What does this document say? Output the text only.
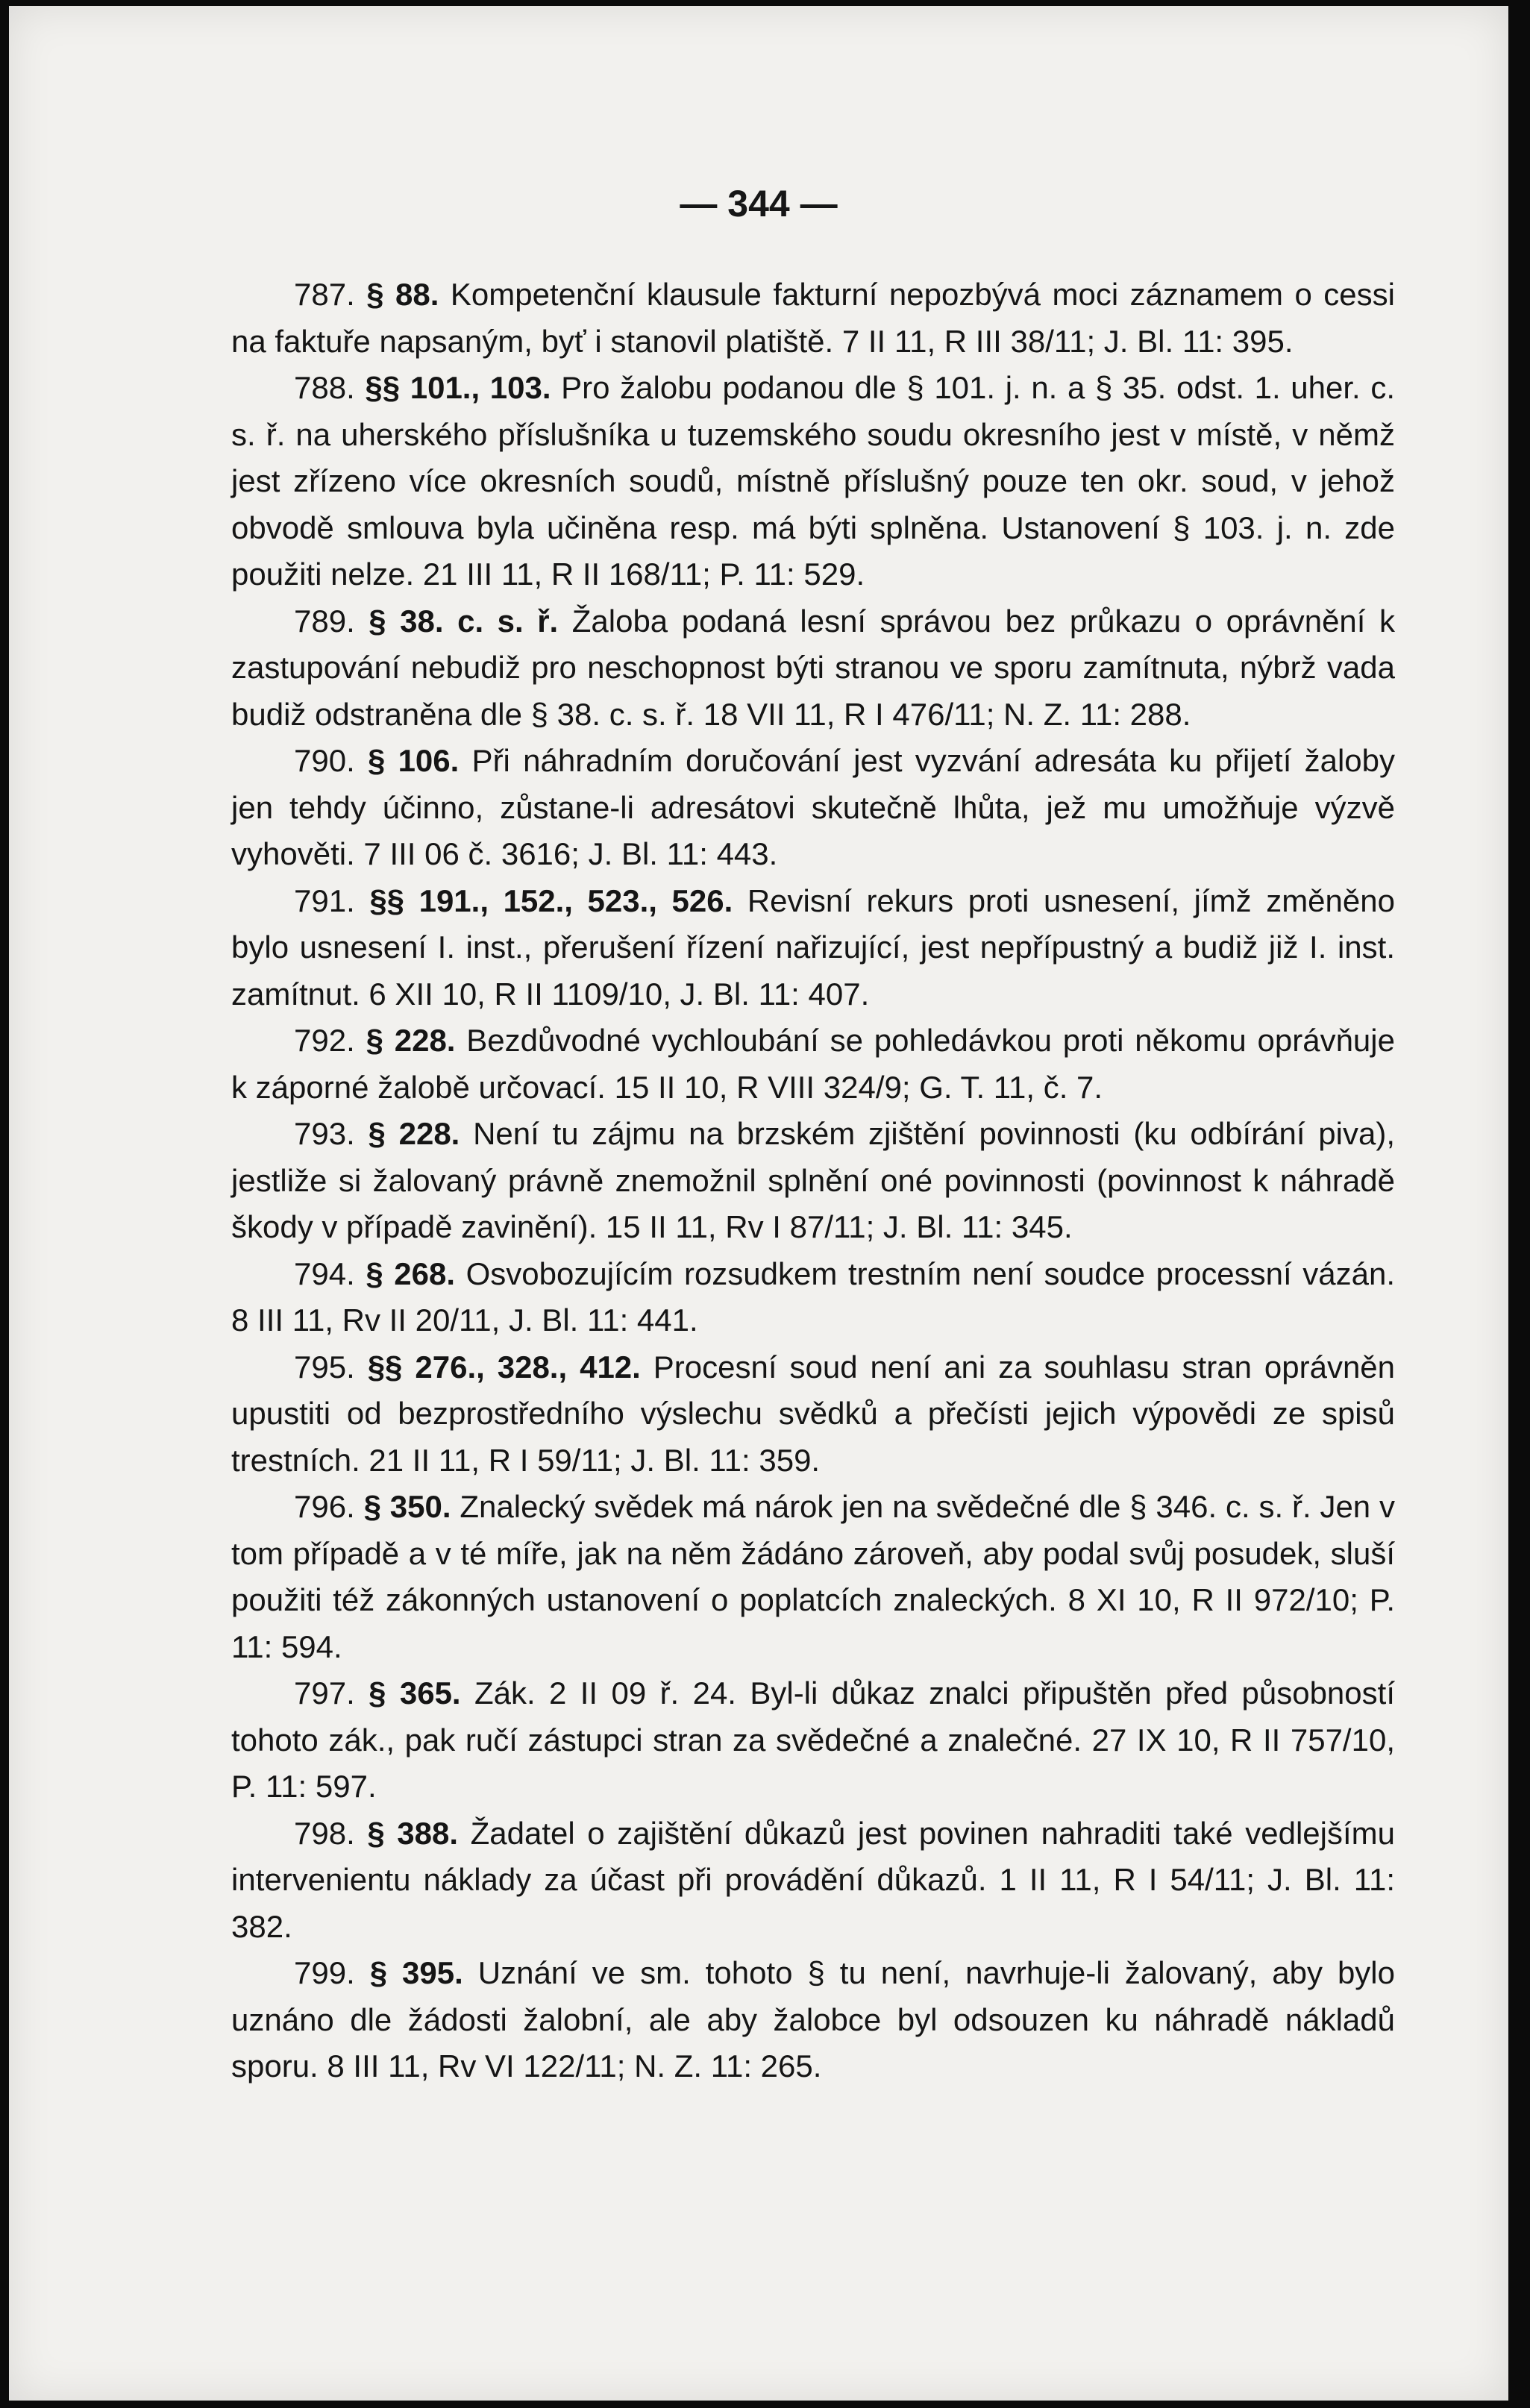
— 344 —

787. § 88. Kompetenční klausule fakturní nepozbývá moci záznamem o cessi na faktuře napsaným, byť i stanovil platiště. 7 II 11, R III 38/11; J. Bl. 11: 395.

788. §§ 101., 103. Pro žalobu podanou dle § 101. j. n. a § 35. odst. 1. uher. c. s. ř. na uherského příslušníka u tuzemského soudu okresního jest v místě, v němž jest zřízeno více okresních soudů, místně příslušný pouze ten okr. soud, v jehož obvodě smlouva byla učiněna resp. má býti splněna. Ustanovení § 103. j. n. zde použiti nelze. 21 III 11, R II 168/11; P. 11: 529.

789. § 38. c. s. ř. Žaloba podaná lesní správou bez průkazu o oprávnění k zastupování nebudiž pro neschopnost býti stranou ve sporu zamítnuta, nýbrž vada budiž odstraněna dle § 38. c. s. ř. 18 VII 11, R I 476/11; N. Z. 11: 288.

790. § 106. Při náhradním doručování jest vyzvání adresáta ku přijetí žaloby jen tehdy účinno, zůstane-li adresátovi skutečně lhůta, jež mu umožňuje výzvě vyhověti. 7 III 06 č. 3616; J. Bl. 11: 443.

791. §§ 191., 152., 523., 526. Revisní rekurs proti usnesení, jímž změněno bylo usnesení I. inst., přerušení řízení nařizující, jest nepřípustný a budiž již I. inst. zamítnut. 6 XII 10, R II 1109/10, J. Bl. 11: 407.

792. § 228. Bezdůvodné vychloubání se pohledávkou proti někomu oprávňuje k záporné žalobě určovací. 15 II 10, R VIII 324/9; G. T. 11, č. 7.

793. § 228. Není tu zájmu na brzském zjištění povinnosti (ku odbírání piva), jestliže si žalovaný právně znemožnil splnění oné povinnosti (povinnost k náhradě škody v případě zavinění). 15 II 11, Rv I 87/11; J. Bl. 11: 345.

794. § 268. Osvobozujícím rozsudkem trestním není soudce processní vázán. 8 III 11, Rv II 20/11, J. Bl. 11: 441.

795. §§ 276., 328., 412. Procesní soud není ani za souhlasu stran oprávněn upustiti od bezprostředního výslechu svědků a přečísti jejich výpovědi ze spisů trestních. 21 II 11, R I 59/11; J. Bl. 11: 359.

796. § 350. Znalecký svědek má nárok jen na svědečné dle § 346. c. s. ř. Jen v tom případě a v té míře, jak na něm žádáno zároveň, aby podal svůj posudek, sluší použiti též zákonných ustanovení o poplatcích znaleckých. 8 XI 10, R II 972/10; P. 11: 594.

797. § 365. Zák. 2 II 09 ř. 24. Byl-li důkaz znalci připuštěn před působností tohoto zák., pak ručí zástupci stran za svědečné a znalečné. 27 IX 10, R II 757/10, P. 11: 597.

798. § 388. Žadatel o zajištění důkazů jest povinen nahraditi také vedlejšímu intervenientu náklady za účast při provádění důkazů. 1 II 11, R I 54/11; J. Bl. 11: 382.

799. § 395. Uznání ve sm. tohoto § tu není, navrhuje-li žalovaný, aby bylo uznáno dle žádosti žalobní, ale aby žalobce byl odsouzen ku náhradě nákladů sporu. 8 III 11, Rv VI 122/11; N. Z. 11: 265.
